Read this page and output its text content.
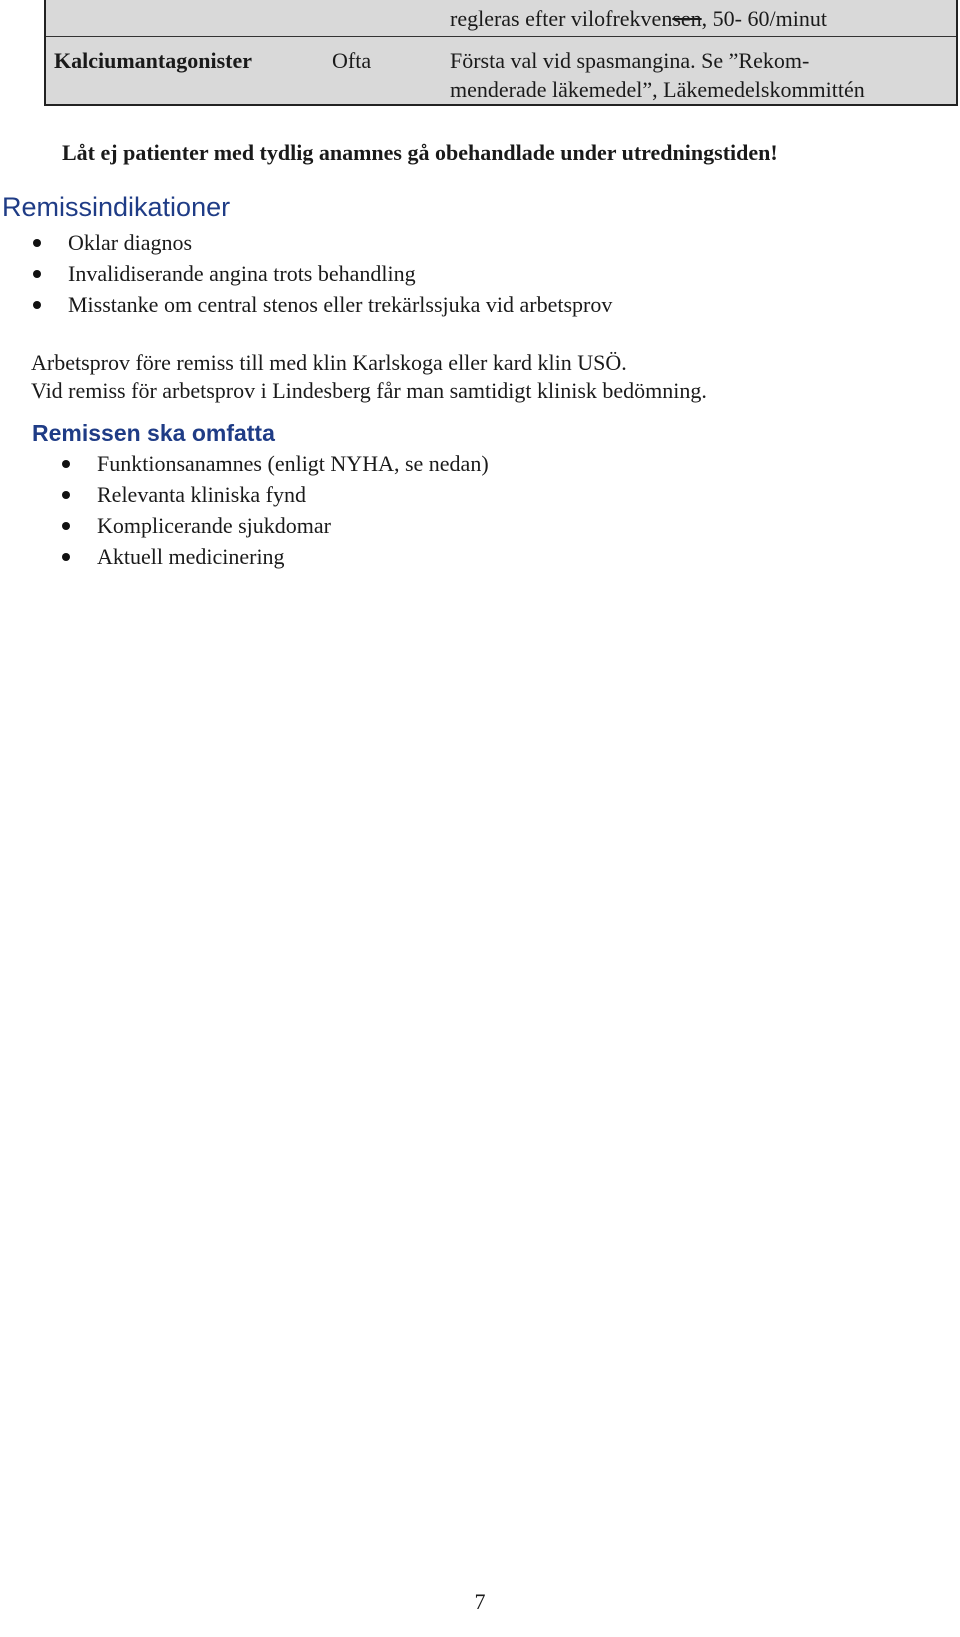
regleras efter vilofrekvensen, 50- 60/minut
Kalciumantagonister	Ofta	Första val vid spasmangina. Se ”Rekom-
menderade läkemedel”, Läkemedelskommittén
Låt ej patienter med tydlig anamnes gå obehandlade under utredningstiden!
Remissindikationer
Oklar diagnos
Invalidiserande angina trots behandling
Misstanke om central stenos eller trekärlssjuka vid arbetsprov
Arbetsprov före remiss till med klin Karlskoga eller kard klin USÖ.
Vid remiss för arbetsprov i Lindesberg får man samtidigt klinisk bedömning.
Remissen ska omfatta
Funktionsanamnes (enligt NYHA, se nedan)
Relevanta kliniska fynd
Komplicerande sjukdomar
Aktuell medicinering
7
